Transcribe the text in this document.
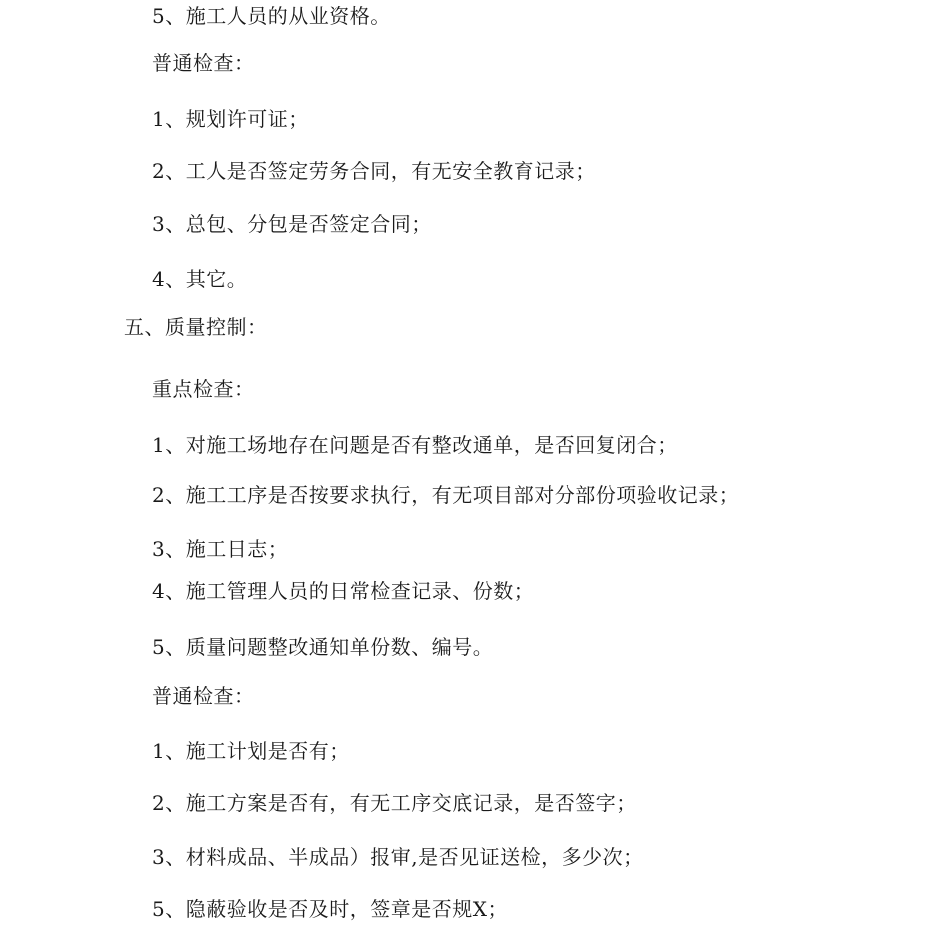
5、施工人员的从业资格。
普通检查：
1、规划许可证；
2、工人是否签定劳务合同，有无安全教育记录；
3、总包、分包是否签定合同；
4、其它。
五、质量控制：
重点检查：
1、对施工场地存在问题是否有整改通单，是否回复闭合；
2、施工工序是否按要求执行，有无项目部对分部份项验收记录；
3、施工日志；
4、施工管理人员的日常检查记录、份数；
5、质量问题整改通知单份数、编号。
普通检查：
1、施工计划是否有；
2、施工方案是否有，有无工序交底记录，是否签字；
3、材料成品、半成品）报审,是否见证送检，多少次；
5、隐蔽验收是否及时，签章是否规X；
